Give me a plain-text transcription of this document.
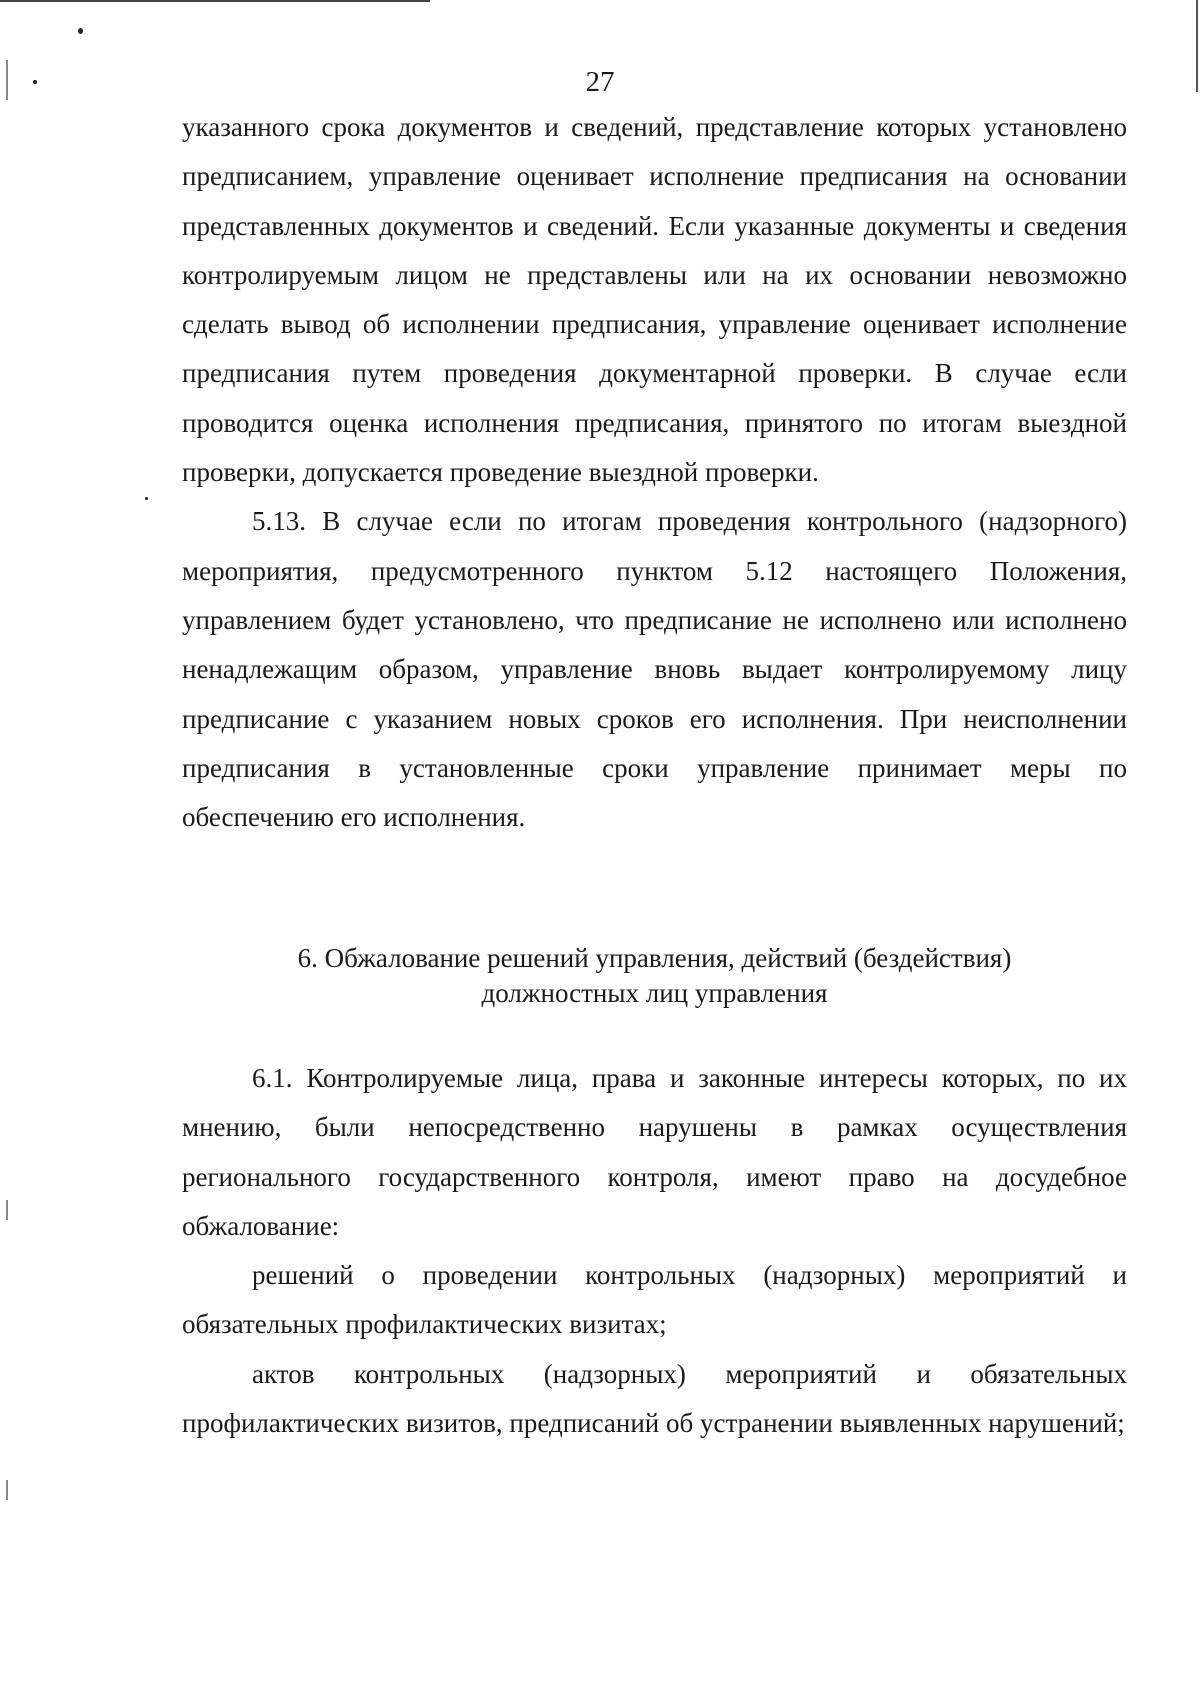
27

указанного срока документов и сведений, представление которых установлено предписанием, управление оценивает исполнение предписания на основании представленных документов и сведений. Если указанные документы и сведения контролируемым лицом не представлены или на их основании невозможно сделать вывод об исполнении предписания, управление оценивает исполнение предписания путем проведения документарной проверки. В случае если проводится оценка исполнения предписания, принятого по итогам выездной проверки, допускается проведение выездной проверки.

5.13. В случае если по итогам проведения контрольного (надзорного) мероприятия, предусмотренного пунктом 5.12 настоящего Положения, управлением будет установлено, что предписание не исполнено или исполнено ненадлежащим образом, управление вновь выдает контролируемому лицу предписание с указанием новых сроков его исполнения. При неисполнении предписания в установленные сроки управление принимает меры по обеспечению его исполнения.

6. Обжалование решений управления, действий (бездействия)
должностных лиц управления

6.1. Контролируемые лица, права и законные интересы которых, по их мнению, были непосредственно нарушены в рамках осуществления регионального государственного контроля, имеют право на досудебное обжалование:

решений о проведении контрольных (надзорных) мероприятий и обязательных профилактических визитах;

актов контрольных (надзорных) мероприятий и обязательных профилактических визитов, предписаний об устранении выявленных нарушений;
